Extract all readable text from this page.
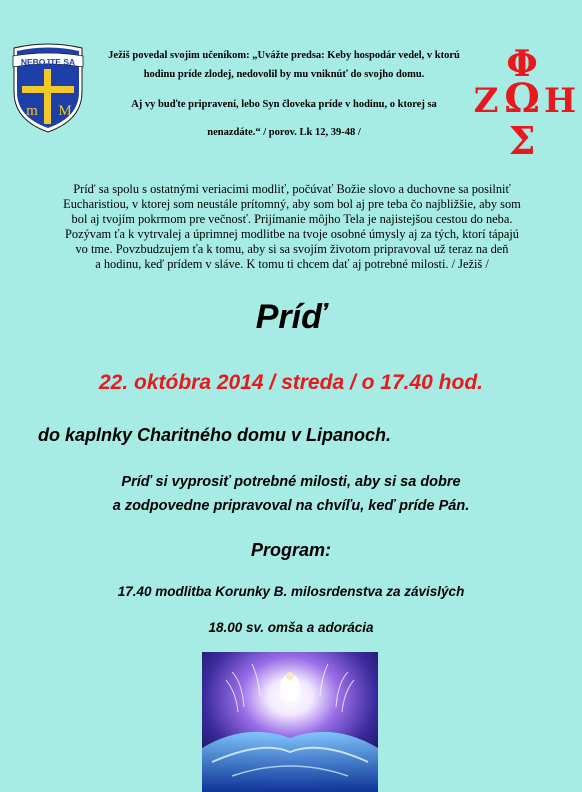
NEBOJTE SA
m M
Ježiš povedal svojim učeníkom: „Uvážte predsa: Keby hospodár vedel, v ktorú
hodinu príde zlodej, nedovolil by mu vniknúť do svojho domu.
Aj vy buďte pripravení, lebo Syn človeka príde v hodinu, o ktorej sa
nenazdáte.“ / porov. Lk 12, 39-48 /
Φ
Ω
Z Η
Σ
Príď sa spolu s ostatnými veriacimi modliť, počúvať Božie slovo a duchovne sa posilniť
Eucharistiou, v ktorej som neustále prítomný, aby som bol aj pre teba čo najbližšie, aby som
bol aj tvojím pokrmom pre večnosť. Prijímanie môjho Tela je najistejšou cestou do neba.
Pozývam ťa k vytrvalej a úprimnej modlitbe na tvoje osobné úmysly aj za tých, ktorí tápajú
vo tme. Povzbudzujem ťa k tomu, aby si sa svojím životom pripravoval už teraz na deň
a hodinu, keď prídem v sláve. K tomu ti chcem dať aj potrebné milosti. / Ježiš /
Príď
22. októbra 2014 / streda / o 17.40 hod.
do kaplnky Charitného domu v Lipanoch.
Príď si vyprosiť potrebné milosti, aby si sa dobre
a zodpovedne pripravoval na chvíľu, keď príde Pán.
Program:
17.40 modlitba Korunky B. milosrdenstva za závislých
18.00 sv. omša a adorácia
